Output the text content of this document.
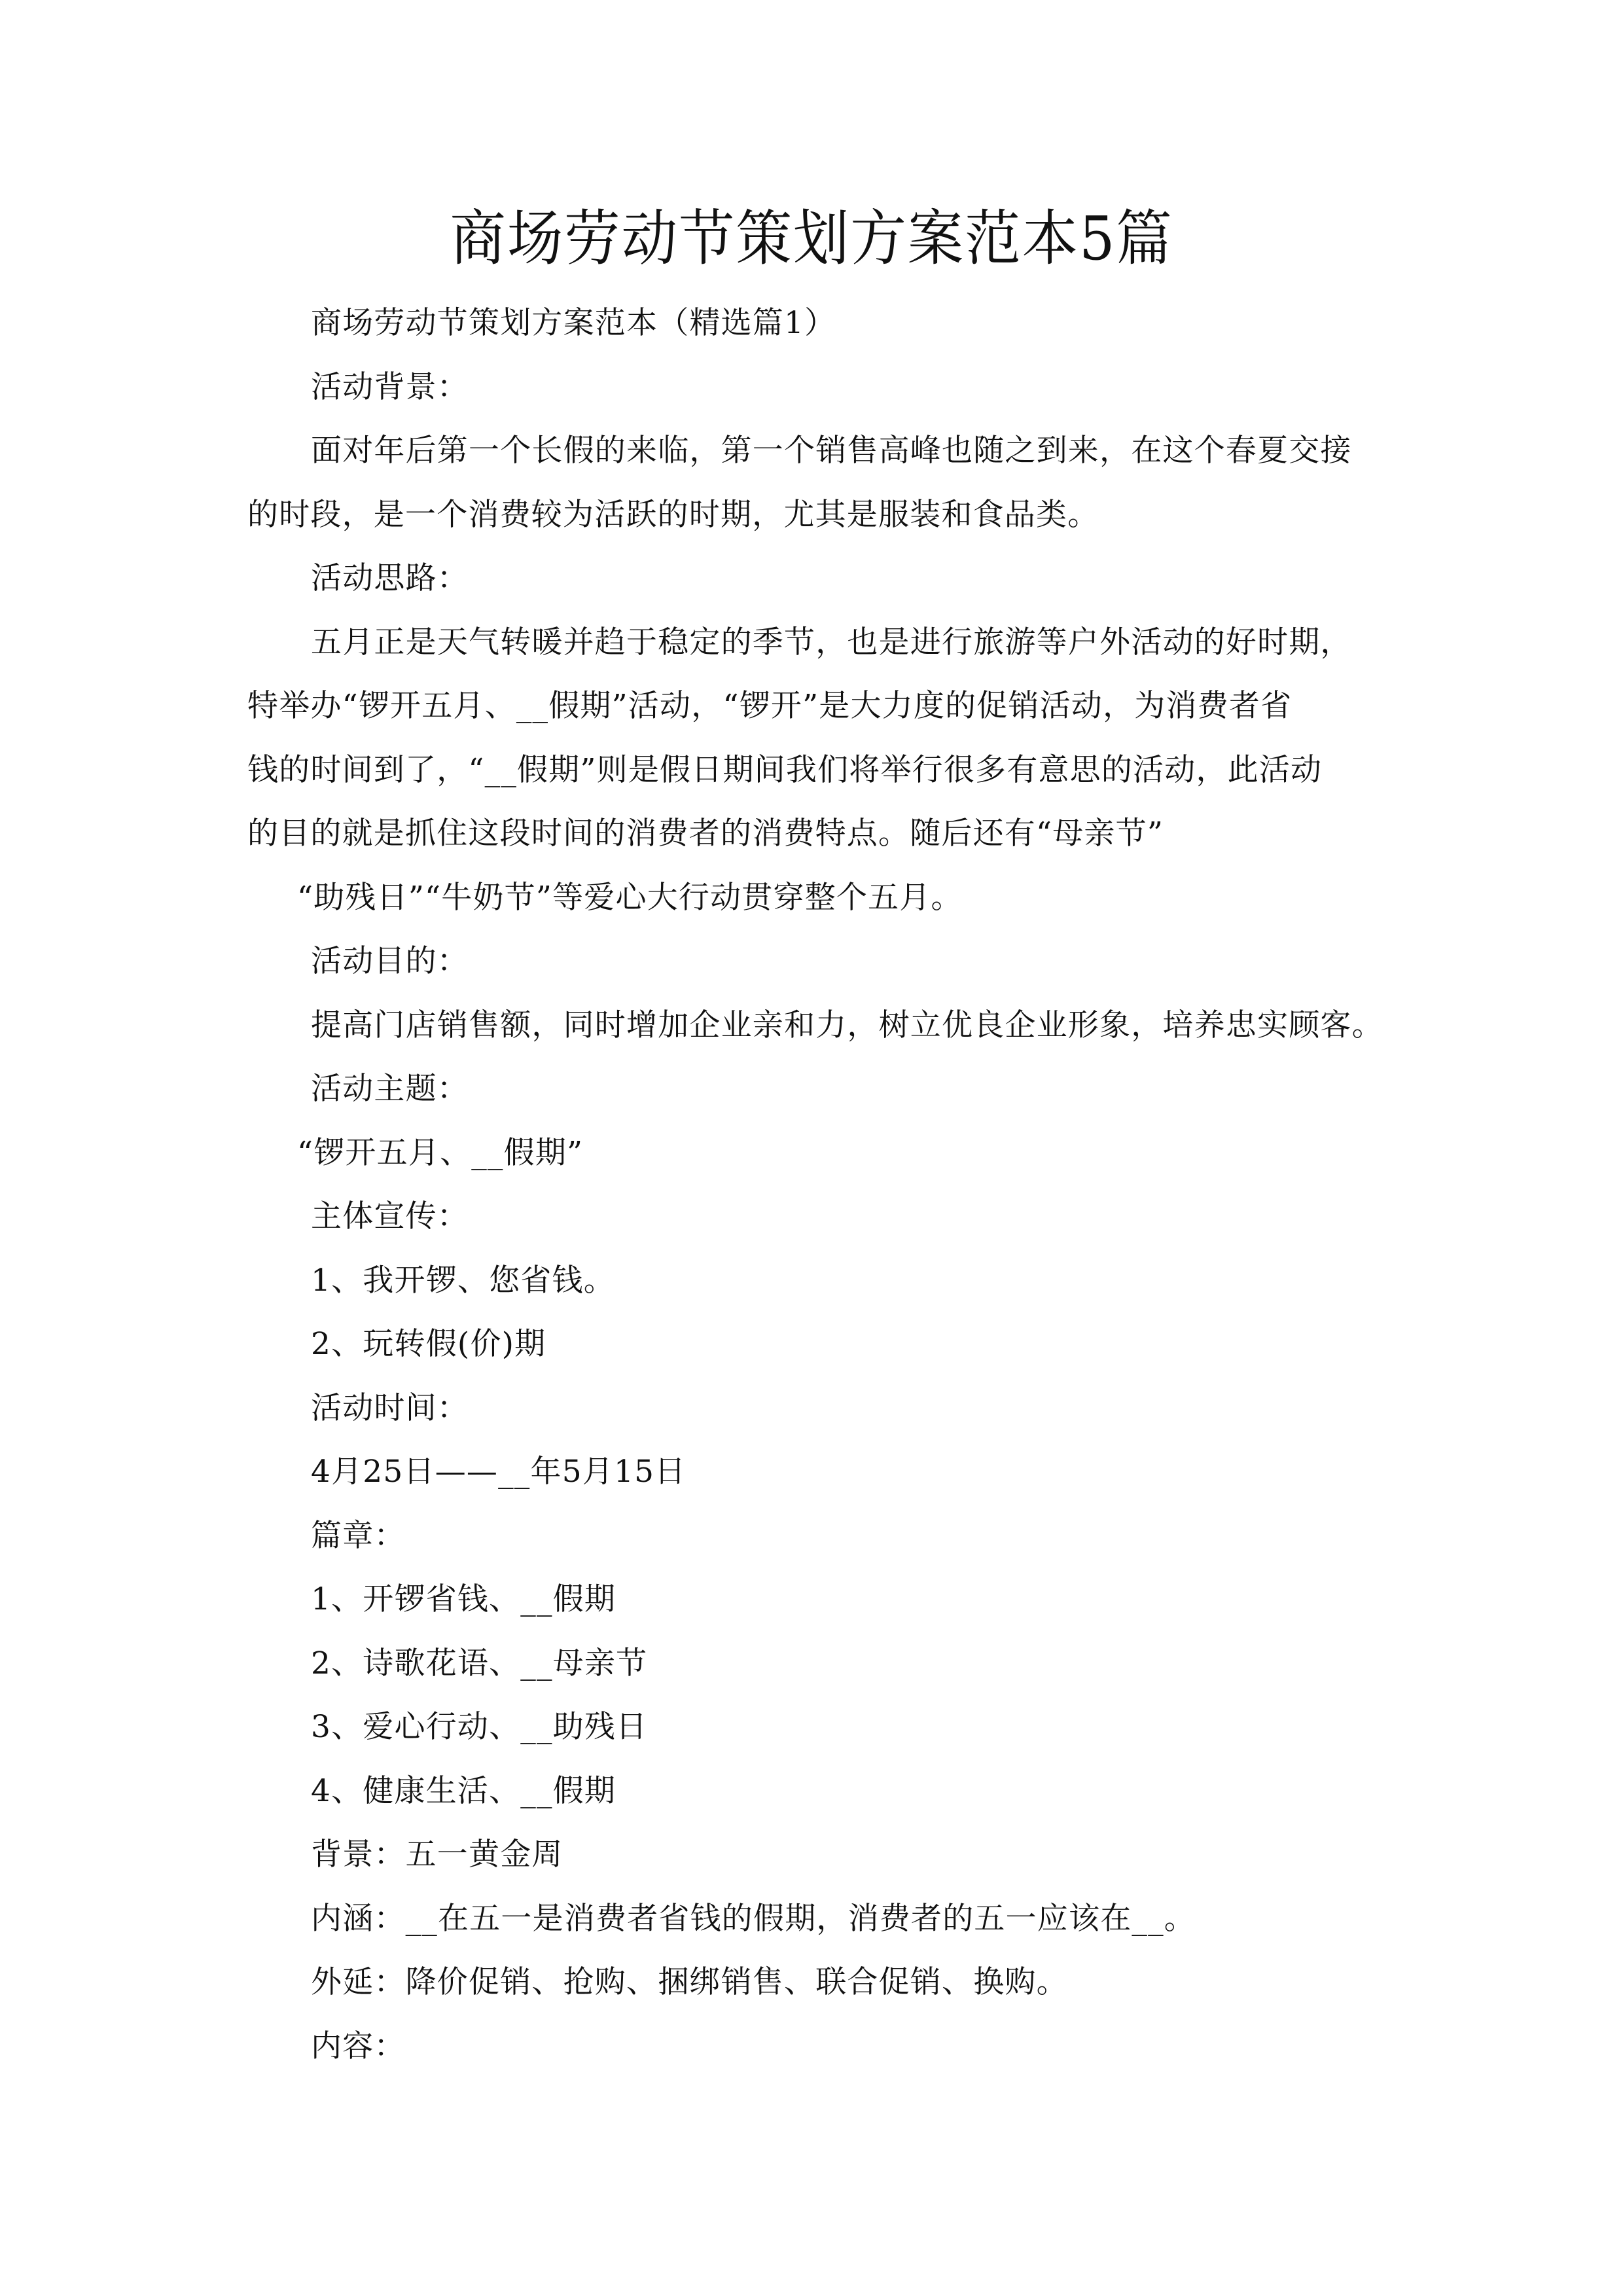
商场劳动节策划方案范本5篇

商场劳动节策划方案范本（精选篇1）

活动背景：

面对年后第一个长假的来临，第一个销售高峰也随之到来，在这个春夏交接
的时段，是一个消费较为活跃的时期，尤其是服装和食品类。

活动思路：

五月正是天气转暖并趋于稳定的季节，也是进行旅游等户外活动的好时期，
特举办“锣开五月、__假期”活动，“锣开”是大力度的促销活动，为消费者省
钱的时间到了，“__假期”则是假日期间我们将举行很多有意思的活动，此活动
的目的就是抓住这段时间的消费者的消费特点。随后还有“母亲节”

“助残日”“牛奶节”等爱心大行动贯穿整个五月。

活动目的：

提高门店销售额，同时增加企业亲和力，树立优良企业形象，培养忠实顾客。

活动主题：

“锣开五月、__假期”

主体宣传：

1、我开锣、您省钱。

2、玩转假(价)期

活动时间：

4月25日——__年5月15日

篇章：

1、开锣省钱、__假期

2、诗歌花语、__母亲节

3、爱心行动、__助残日

4、健康生活、__假期

背景：五一黄金周

内涵：__在五一是消费者省钱的假期，消费者的五一应该在__。

外延：降价促销、抢购、捆绑销售、联合促销、换购。

内容：
